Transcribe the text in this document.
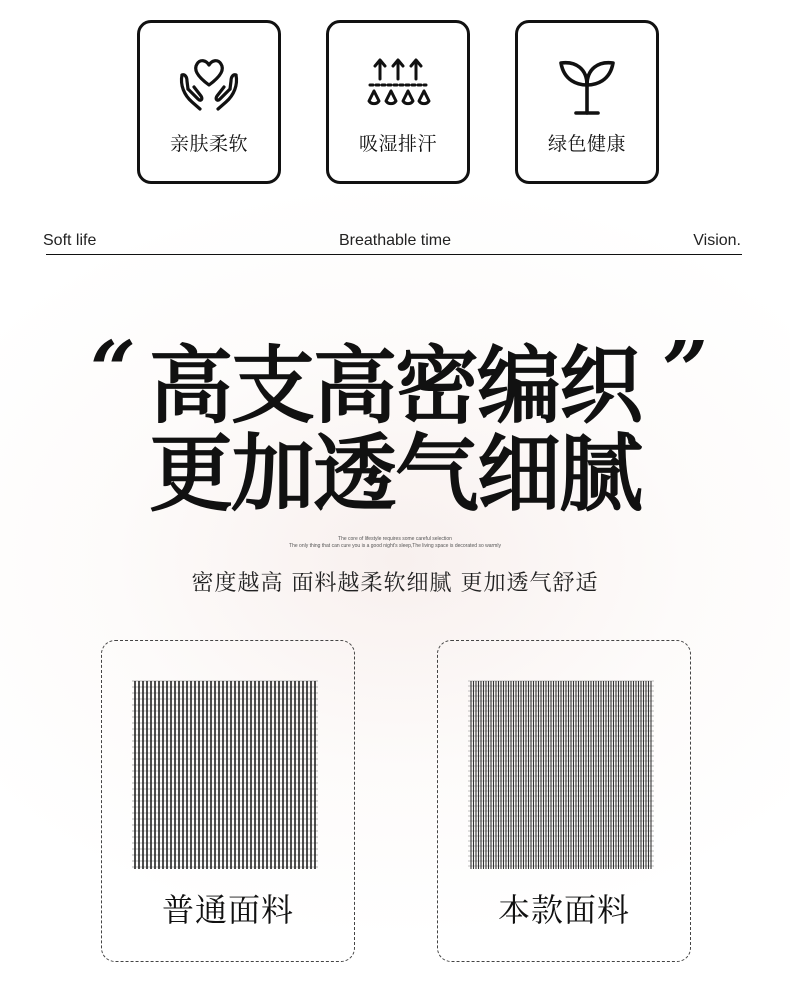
亲肤柔软	吸湿排汗	绿色健康
Soft life	Breathable time	Vision.
“	”
高支高密编织
更加透气细腻
The core of lifestyle requires some careful selection
The only thing that can cure you is a good night's sleep,The living space is decorated so warmly
密度越高 面料越柔软细腻 更加透气舒适
普通面料	本款面料
